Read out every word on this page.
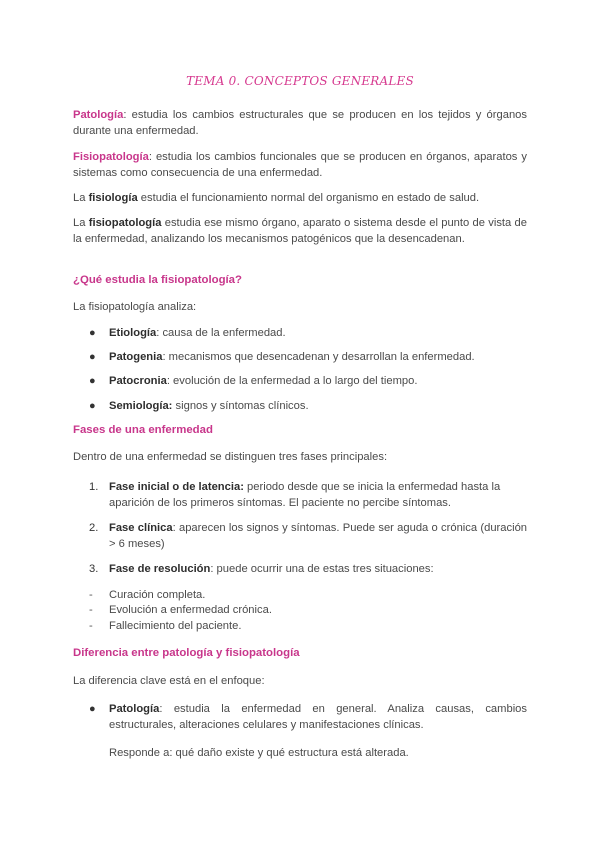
TEMA 0. CONCEPTOS GENERALES

Patología: estudia los cambios estructurales que se producen en los tejidos y órganos durante una enfermedad.

Fisiopatología: estudia los cambios funcionales que se producen en órganos, aparatos y sistemas como consecuencia de una enfermedad.

La fisiología estudia el funcionamiento normal del organismo en estado de salud.

La fisiopatología estudia ese mismo órgano, aparato o sistema desde el punto de vista de la enfermedad, analizando los mecanismos patogénicos que la desencadenan.

¿Qué estudia la fisiopatología?

La fisiopatología analiza:

● Etiología: causa de la enfermedad.
● Patogenia: mecanismos que desencadenan y desarrollan la enfermedad.
● Patocronia: evolución de la enfermedad a lo largo del tiempo.
● Semiología: signos y síntomas clínicos.

Fases de una enfermedad

Dentro de una enfermedad se distinguen tres fases principales:

1. Fase inicial o de latencia: periodo desde que se inicia la enfermedad hasta la aparición de los primeros síntomas. El paciente no percibe síntomas.
2. Fase clínica: aparecen los signos y síntomas. Puede ser aguda o crónica (duración > 6 meses)
3. Fase de resolución: puede ocurrir una de estas tres situaciones:
- Curación completa.
- Evolución a enfermedad crónica.
- Fallecimiento del paciente.

Diferencia entre patología y fisiopatología

La diferencia clave está en el enfoque:

● Patología: estudia la enfermedad en general. Analiza causas, cambios estructurales, alteraciones celulares y manifestaciones clínicas.
Responde a: qué daño existe y qué estructura está alterada.
